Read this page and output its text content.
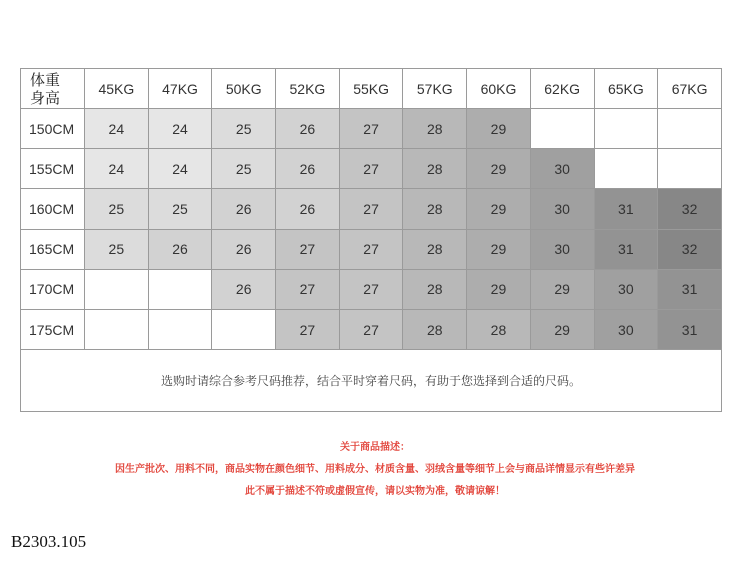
体重
身高	45KG	47KG	50KG	52KG	55KG	57KG	60KG	62KG	65KG	67KG
150CM	24	24	25	26	27	28	29			
155CM	24	24	25	26	27	28	29	30		
160CM	25	25	26	26	27	28	29	30	31	32
165CM	25	26	26	27	27	28	29	30	31	32
170CM			26	27	27	28	29	29	30	31
175CM				27	27	28	28	29	30	31
选购时请综合参考尺码推荐，结合平时穿着尺码，有助于您选择到合适的尺码。										
关于商品描述：
因生产批次、用料不同，商品实物在颜色细节、用料成分、材质含量、羽绒含量等细节上会与商品详情显示有些许差异
此不属于描述不符或虚假宣传，请以实物为准，敬请谅解！
B2303.105
